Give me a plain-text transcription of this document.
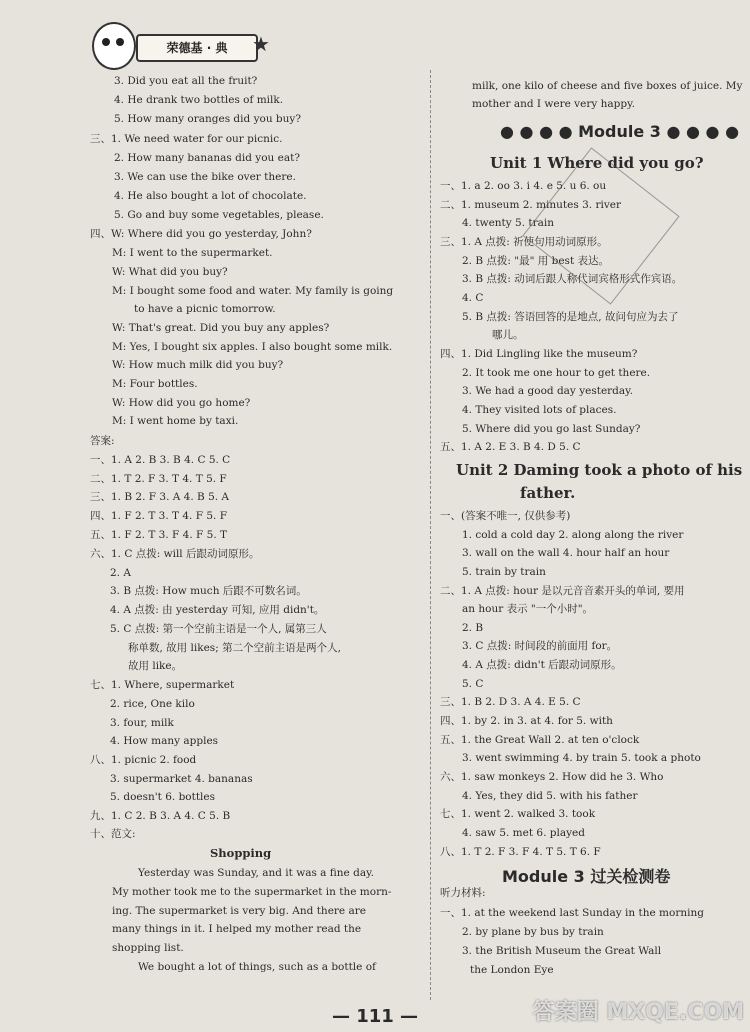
荣德基 · 典	★
3. Did you eat all the fruit?
4. He drank two bottles of milk.
5. How many oranges did you buy?
三、1. We need water for our picnic.
2. How many bananas did you eat?
3. We can use the bike over there.
4. He also bought a lot of chocolate.
5. Go and buy some vegetables, please.
四、W: Where did you go yesterday, John?
M: I went to the supermarket.
W: What did you buy?
M: I bought some food and water. My family is going
to have a picnic tomorrow.
W: That's great. Did you buy any apples?
M: Yes, I bought six apples. I also bought some milk.
W: How much milk did you buy?
M: Four bottles.
W: How did you go home?
M: I went home by taxi.
答案:
一、1. A 2. B 3. B 4. C 5. C
二、1. T 2. F 3. T 4. T 5. F
三、1. B 2. F 3. A 4. B 5. A
四、1. F 2. T 3. T 4. F 5. F
五、1. F 2. T 3. F 4. F 5. T
六、1. C 点拨: will 后跟动词原形。
2. A
3. B 点拨: How much 后跟不可数名词。
4. A 点拨: 由 yesterday 可知, 应用 didn't。
5. C 点拨: 第一个空前主语是一个人, 属第三人
称单数, 故用 likes; 第二个空前主语是两个人,
故用 like。
七、1. Where, supermarket
2. rice, One kilo
3. four, milk
4. How many apples
八、1. picnic 2. food
3. supermarket 4. bananas
5. doesn't 6. bottles
九、1. C 2. B 3. A 4. C 5. B
十、范文:
Yesterday was Sunday, and it was a fine day.
My mother took me to the supermarket in the morn-
ing. The supermarket is very big. And there are
many things in it. I helped my mother read the
shopping list.
We bought a lot of things, such as a bottle of
Shopping
milk, one kilo of cheese and five boxes of juice. My
mother and I were very happy.
一、1. a 2. oo 3. i 4. e 5. u 6. ou
二、1. museum 2. minutes 3. river
4. twenty 5. train
三、1. A 点拨: 祈使句用动词原形。
2. B 点拨: "最" 用 best 表达。
3. B 点拨: 动词后跟人称代词宾格形式作宾语。
4. C
5. B 点拨: 答语回答的是地点, 故问句应为去了
哪儿。
四、1. Did Lingling like the museum?
2. It took me one hour to get there.
3. We had a good day yesterday.
4. They visited lots of places.
5. Where did you go last Sunday?
五、1. A 2. E 3. B 4. D 5. C
一、(答案不唯一, 仅供参考)
1. cold a cold day 2. along along the river
3. wall on the wall 4. hour half an hour
5. train by train
二、1. A 点拨: hour 是以元音音素开头的单词, 要用
an hour 表示 "一个小时"。
2. B
3. C 点拨: 时间段的前面用 for。
4. A 点拨: didn't 后跟动词原形。
5. C
三、1. B 2. D 3. A 4. E 5. C
四、1. by 2. in 3. at 4. for 5. with
五、1. the Great Wall 2. at ten o'clock
3. went swimming 4. by train 5. took a photo
六、1. saw monkeys 2. How did he 3. Who
4. Yes, they did 5. with his father
七、1. went 2. walked 3. took
4. saw 5. met 6. played
八、1. T 2. F 3. F 4. T 5. T 6. F
听力材料:
一、1. at the weekend last Sunday in the morning
2. by plane by bus by train
3. the British Museum the Great Wall
the London Eye
● ● ● ● Module 3 ● ● ● ●
Unit 1 Where did you go?
Unit 2 Daming took a photo of his
father.
Module 3 过关检测卷
— 111 —	答案圈 MXQE.COM
